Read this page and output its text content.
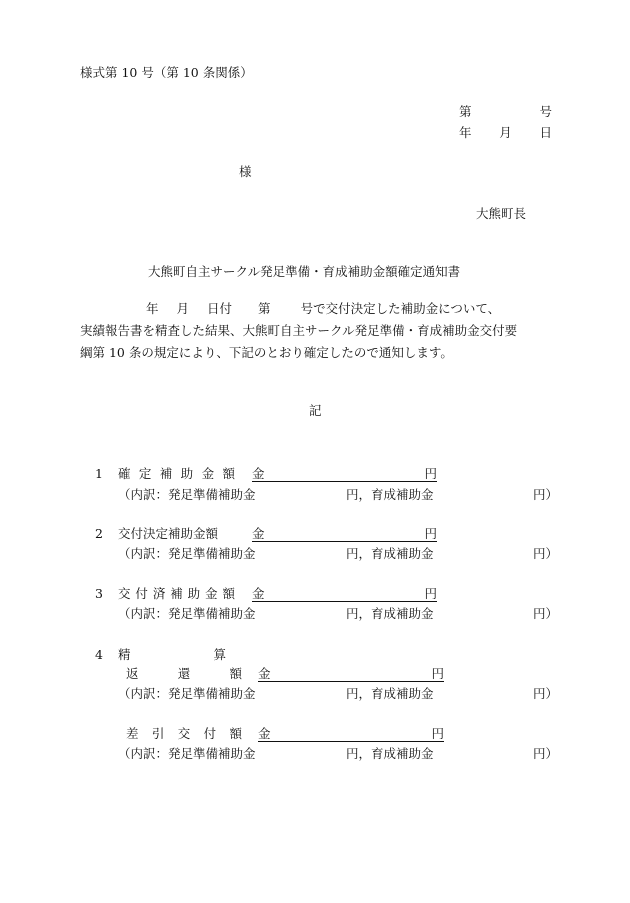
様式第 10 号（第 10 条関係）
第	号
年 月 日
様
大熊町長
大熊町自主サークル発足準備・育成補助金額確定通知書
年 月 日付 第 号で交付決定した補助金について、
実績報告書を精査した結果、大熊町自主サークル発足準備・育成補助金交付要
綱第 10 条の規定により、下記のとおり確定したので通知します。
記
1 確 定 補 助 金 額 金	円
（内訳：発足準備補助金	円，育成補助金	円）
2 交付決定補助金額	金	円
（内訳：発足準備補助金	円，育成補助金	円）
3 交 付 済 補 助 金 額 金	円
（内訳：発足準備補助金	円，育成補助金	円）
4 精	算
返	還	額 金	円
（内訳：発足準備補助金	円，育成補助金	円）
差 引 交 付 額 金	円
（内訳：発足準備補助金	円，育成補助金	円）
